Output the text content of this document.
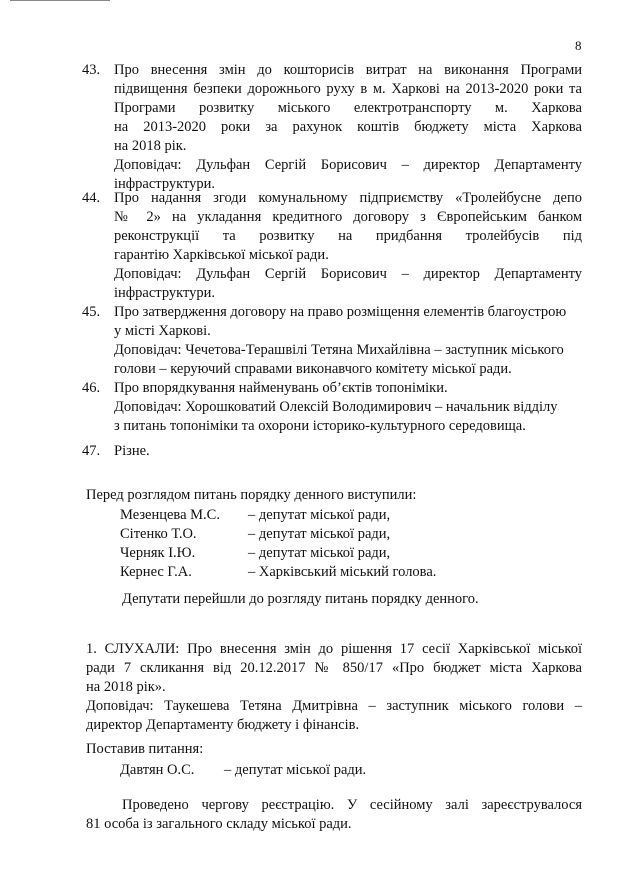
8
43. Про внесення змін до кошторисів витрат на виконання Програми

підвищення безпеки дорожнього руху в м. Харкові на 2013-2020 роки та

Програми розвитку міського електротранспорту м. Харкова

на 2013-2020 роки за рахунок коштів бюджету міста Харкова

на 2018 рік.

Доповідач: Дульфан Сергій Борисович – директор Департаменту

інфраструктури.

44. Про надання згоди комунальному підприємству «Тролейбусне депо

№ 2» на укладання кредитного договору з Європейським банком

реконструкції та розвитку на придбання тролейбусів під

гарантію Харківської міської ради.

Доповідач: Дульфан Сергій Борисович – директор Департаменту

інфраструктури.

45. Про затвердження договору на право розміщення елементів благоустрою

у місті Харкові.

Доповідач: Чечетова-Терашвілі Тетяна Михайлівна – заступник міського

голови – керуючий справами виконавчого комітету міської ради.

46. Про впорядкування найменувань об’єктів топоніміки.

Доповідач: Хорошковатий Олексій Володимирович – начальник відділу

з питань топоніміки та охорони історико-культурного середовища.

47. Різне.

Перед розглядом питань порядку денного виступили:

Мезенцева М.С.	– депутат міської ради,
Сітенко Т.О.	– депутат міської ради,
Черняк І.Ю.	– депутат міської ради,
Кернес Г.А.	– Харківський міський голова.

Депутати перейшли до розгляду питань порядку денного.

1. СЛУХАЛИ: Про внесення змін до рішення 17 сесії Харківської міської

ради 7 скликання від 20.12.2017 № 850/17 «Про бюджет міста Харкова

на 2018 рік».

Доповідач: Таукешева Тетяна Дмитрівна – заступник міського голови –

директор Департаменту бюджету і фінансів.

Поставив питання:

Давтян О.С.	– депутат міської ради.

Проведено чергову реєстрацію. У сесійному залі зареєструвалося

81 особа із загального складу міської ради.
